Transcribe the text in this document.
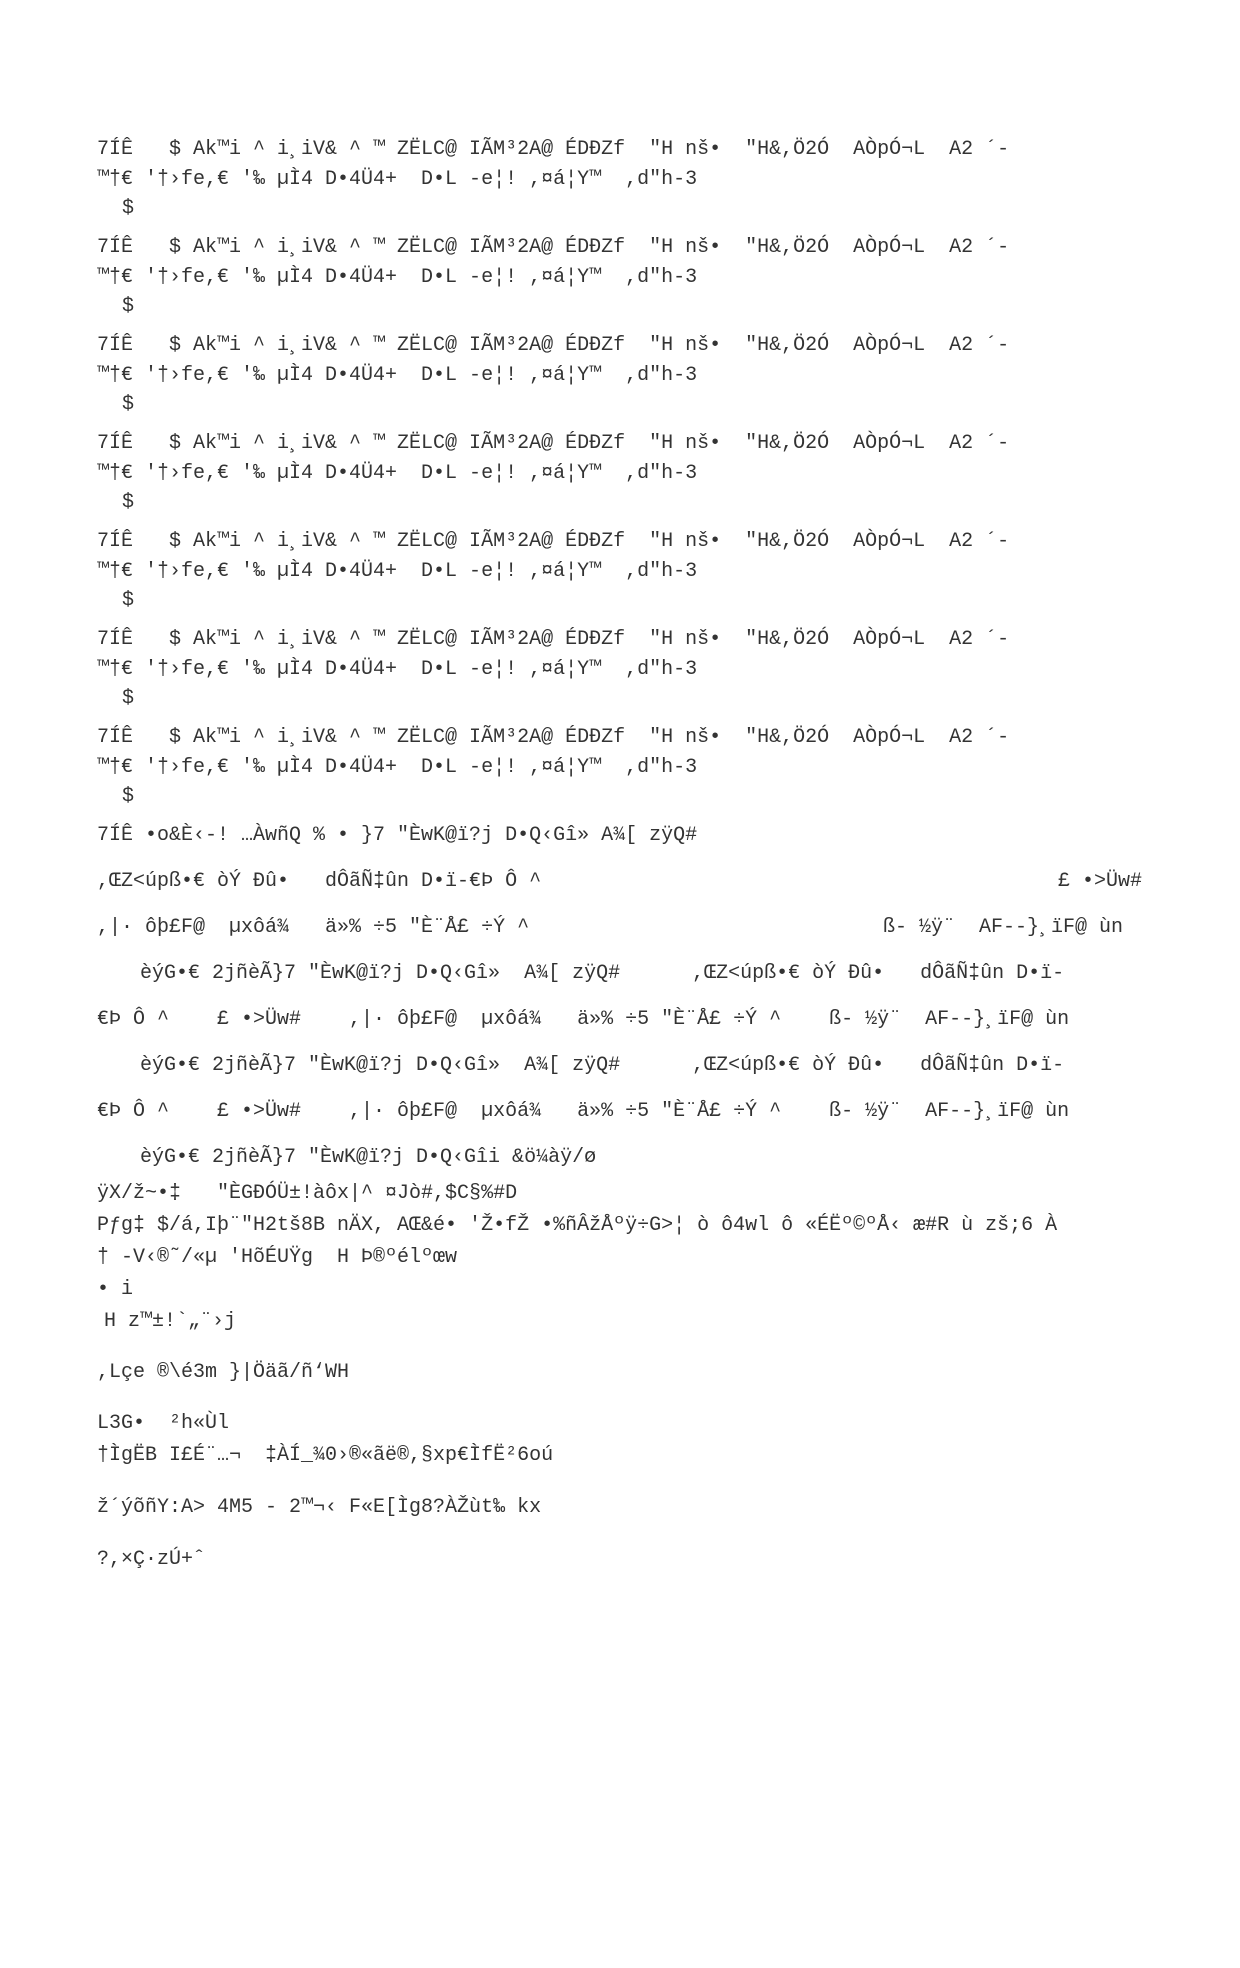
7ÍÊ   $ Ak™i ^ i¸iV& ^ ™ ZËLC@ IÃM³2A@ ÉDÐZf  "H nš•  "H&,Ö2Ó  AÒpÓ¬L  A2 ´-

™†€ '†›fe,€ '‰ µÌ4 D•4Ü4+  D•L -e¦! ,¤á¦Y™  ,d"h-3

$

7ÍÊ   $ Ak™i ^ i¸iV& ^ ™ ZËLC@ IÃM³2A@ ÉDÐZf  "H nš•  "H&,Ö2Ó  AÒpÓ¬L  A2 ´-

™†€ '†›fe,€ '‰ µÌ4 D•4Ü4+  D•L -e¦! ,¤á¦Y™  ,d"h-3

$

7ÍÊ   $ Ak™i ^ i¸iV& ^ ™ ZËLC@ IÃM³2A@ ÉDÐZf  "H nš•  "H&,Ö2Ó  AÒpÓ¬L  A2 ´-

™†€ '†›fe,€ '‰ µÌ4 D•4Ü4+  D•L -e¦! ,¤á¦Y™  ,d"h-3

$

7ÍÊ   $ Ak™i ^ i¸iV& ^ ™ ZËLC@ IÃM³2A@ ÉDÐZf  "H nš•  "H&,Ö2Ó  AÒpÓ¬L  A2 ´-

™†€ '†›fe,€ '‰ µÌ4 D•4Ü4+  D•L -e¦! ,¤á¦Y™  ,d"h-3

$

7ÍÊ   $ Ak™i ^ i¸iV& ^ ™ ZËLC@ IÃM³2A@ ÉDÐZf  "H nš•  "H&,Ö2Ó  AÒpÓ¬L  A2 ´-

™†€ '†›fe,€ '‰ µÌ4 D•4Ü4+  D•L -e¦! ,¤á¦Y™  ,d"h-3

$

7ÍÊ   $ Ak™i ^ i¸iV& ^ ™ ZËLC@ IÃM³2A@ ÉDÐZf  "H nš•  "H&,Ö2Ó  AÒpÓ¬L  A2 ´-

™†€ '†›fe,€ '‰ µÌ4 D•4Ü4+  D•L -e¦! ,¤á¦Y™  ,d"h-3

$

7ÍÊ   $ Ak™i ^ i¸iV& ^ ™ ZËLC@ IÃM³2A@ ÉDÐZf  "H nš•  "H&,Ö2Ó  AÒpÓ¬L  A2 ´-

™†€ '†›fe,€ '‰ µÌ4 D•4Ü4+  D•L -e¦! ,¤á¦Y™  ,d"h-3

$

7ÍÊ •o&È‹-! …ÀwñQ % • }7 "ÈwK@ï?j D•Q‹Gî» A¾[ zÿQ#

,ŒZ<úpß•€ òÝ Ðû•   dÔãÑ‡ûn D•ï-€Þ Ô ^

	£ •>Üw#

,|· ôþ£F@  µxôá¾   ä»% ÷5 "È¨Å£ ÷Ý ^

	ß- ½ÿ¨  AF--}¸ïF@ ùn

èýG•€ 2jñèÃ}7 "ÈwK@ï?j D•Q‹Gî»  A¾[ zÿQ#      ,ŒZ<úpß•€ òÝ Ðû•   dÔãÑ‡ûn D•ï-

€Þ Ô ^    £ •>Üw#    ,|· ôþ£F@  µxôá¾   ä»% ÷5 "È¨Å£ ÷Ý ^    ß- ½ÿ¨  AF--}¸ïF@ ùn

èýG•€ 2jñèÃ}7 "ÈwK@ï?j D•Q‹Gî»  A¾[ zÿQ#      ,ŒZ<úpß•€ òÝ Ðû•   dÔãÑ‡ûn D•ï-

€Þ Ô ^    £ •>Üw#    ,|· ôþ£F@  µxôá¾   ä»% ÷5 "È¨Å£ ÷Ý ^    ß- ½ÿ¨  AF--}¸ïF@ ùn

èýG•€ 2jñèÃ}7 "ÈwK@ï?j D•Q‹Gîi &ö¼àÿ/ø

ÿX/ž~•‡   "ÈGÐÓÜ±!àôx|^ ¤Jò#,$C§%#D

Pƒg‡ $/á,Iþ¨"H2tš8B nÄX, AŒ&é• 'Ž•fŽ •%ñÂžÅºÿ÷G>¦ ò ô4wl ô «ÉËº©ºÅ‹ æ#R ù zš;6 À

† -V‹®˜/«µ 'HõÉUŸg  H Þ®ºélºœw

• i

H z™±!`„¨›j

,Lçe ®\é3m }|Öäã/ñ‘WH

L3G•  ²h«Ùl

†ÌgËB I£É¨…¬  ‡ÀÍ_¾0›®«ãë®,§xp€ÌfË²6oú

ž´ýõñY:A> 4M5 - 2™¬‹ F«E[Ìg8?ÀŽùt‰ kx

?,×Ç·zÚ+ˆ
